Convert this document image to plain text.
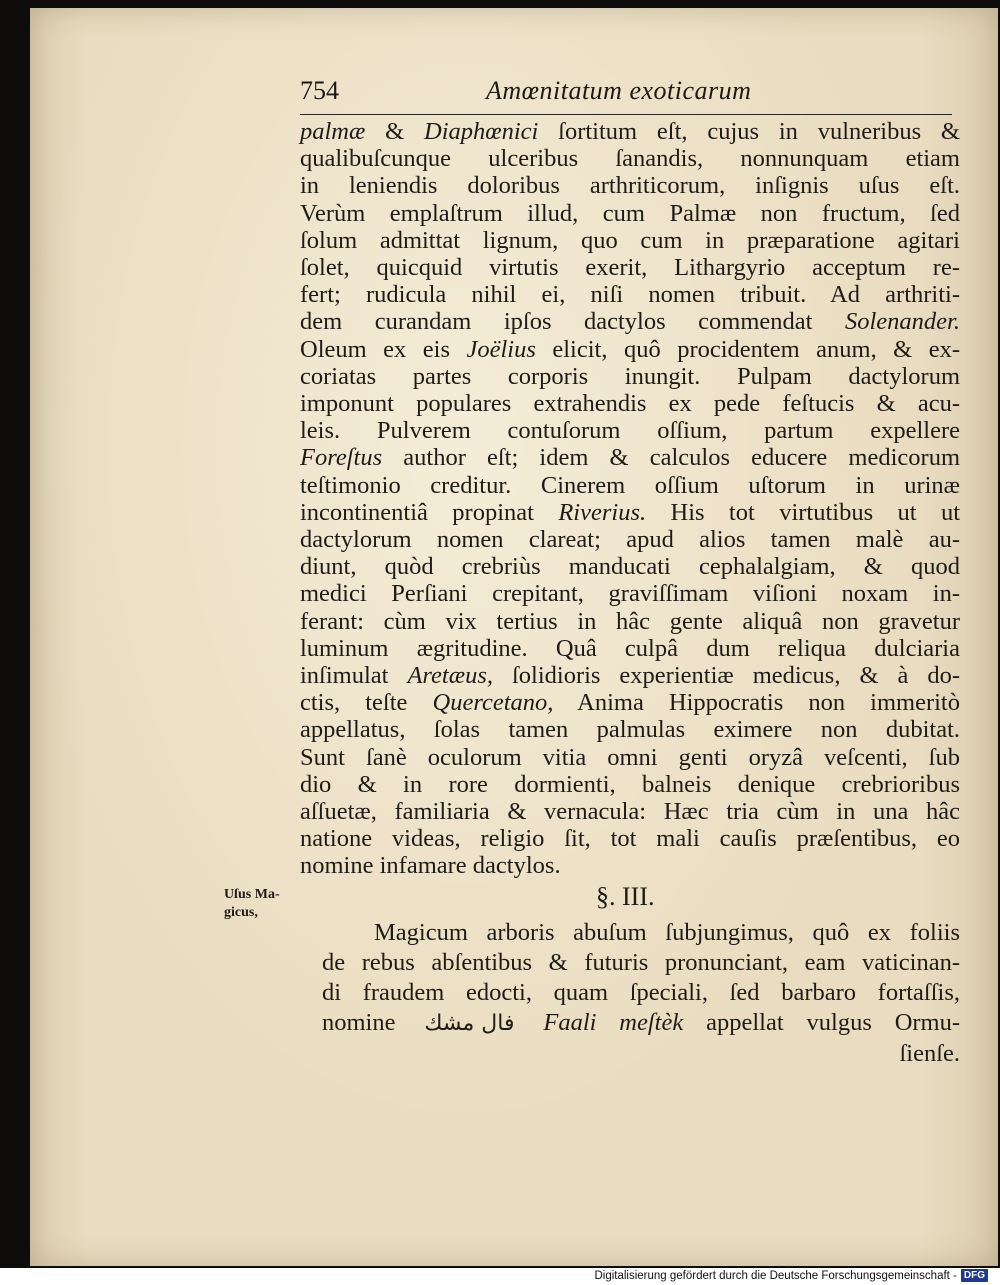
754	Amœnitatum exoticarum
palmæ & Diaphœnici ſortitum eſt, cujus in vulneribus &
qualibuſcunque ulceribus ſanandis, nonnunquam etiam
in leniendis doloribus arthriticorum, inſignis uſus eſt.
Verùm emplaſtrum illud, cum Palmæ non fructum, ſed
ſolum admittat lignum, quo cum in præparatione agitari
ſolet, quicquid virtutis exerit, Lithargyrio acceptum re-
fert; rudicula nihil ei, niſi nomen tribuit. Ad arthriti-
dem curandam ipſos dactylos commendat Solenander.
Oleum ex eis Joëlius elicit, quô procidentem anum, & ex-
coriatas partes corporis inungit. Pulpam dactylorum
imponunt populares extrahendis ex pede feſtucis & acu-
leis. Pulverem contuſorum oſſium, partum expellere
Foreſtus author eſt; idem & calculos educere medicorum
teſtimonio creditur. Cinerem oſſium uſtorum in urinæ
incontinentiâ propinat Riverius. His tot virtutibus ut ut
dactylorum nomen clareat; apud alios tamen malè au-
diunt, quòd crebriùs manducati cephalalgiam, & quod
medici Perſiani crepitant, graviſſimam viſioni noxam in-
ferant: cùm vix tertius in hâc gente aliquâ non gravetur
luminum ægritudine. Quâ culpâ dum reliqua dulciaria
inſimulat Aretæus, ſolidioris experientiæ medicus, & à do-
ctis, teſte Quercetano, Anima Hippocratis non immeritò
appellatus, ſolas tamen palmulas eximere non dubitat.
Sunt ſanè oculorum vitia omni genti oryzâ veſcenti, ſub
dio & in rore dormienti, balneis denique crebrioribus
aſſuetæ, familiaria & vernacula: Hæc tria cùm in una hâc
natione videas, religio ſit, tot mali cauſis præſentibus, eo
nomine infamare dactylos.
Uſus Ma-gicus,
§. III.
Magicum arboris abuſum ſubjungimus, quô ex foliis
de rebus abſentibus & futuris pronunciant, eam vaticinan-
di fraudem edocti, quam ſpeciali, ſed barbaro fortaſſis,
nomine فال مشك Faali meſtèk appellat vulgus Ormu-
ſienſe.
Digitalisierung gefördert durch die Deutsche Forschungsgemeinschaft - DFG
